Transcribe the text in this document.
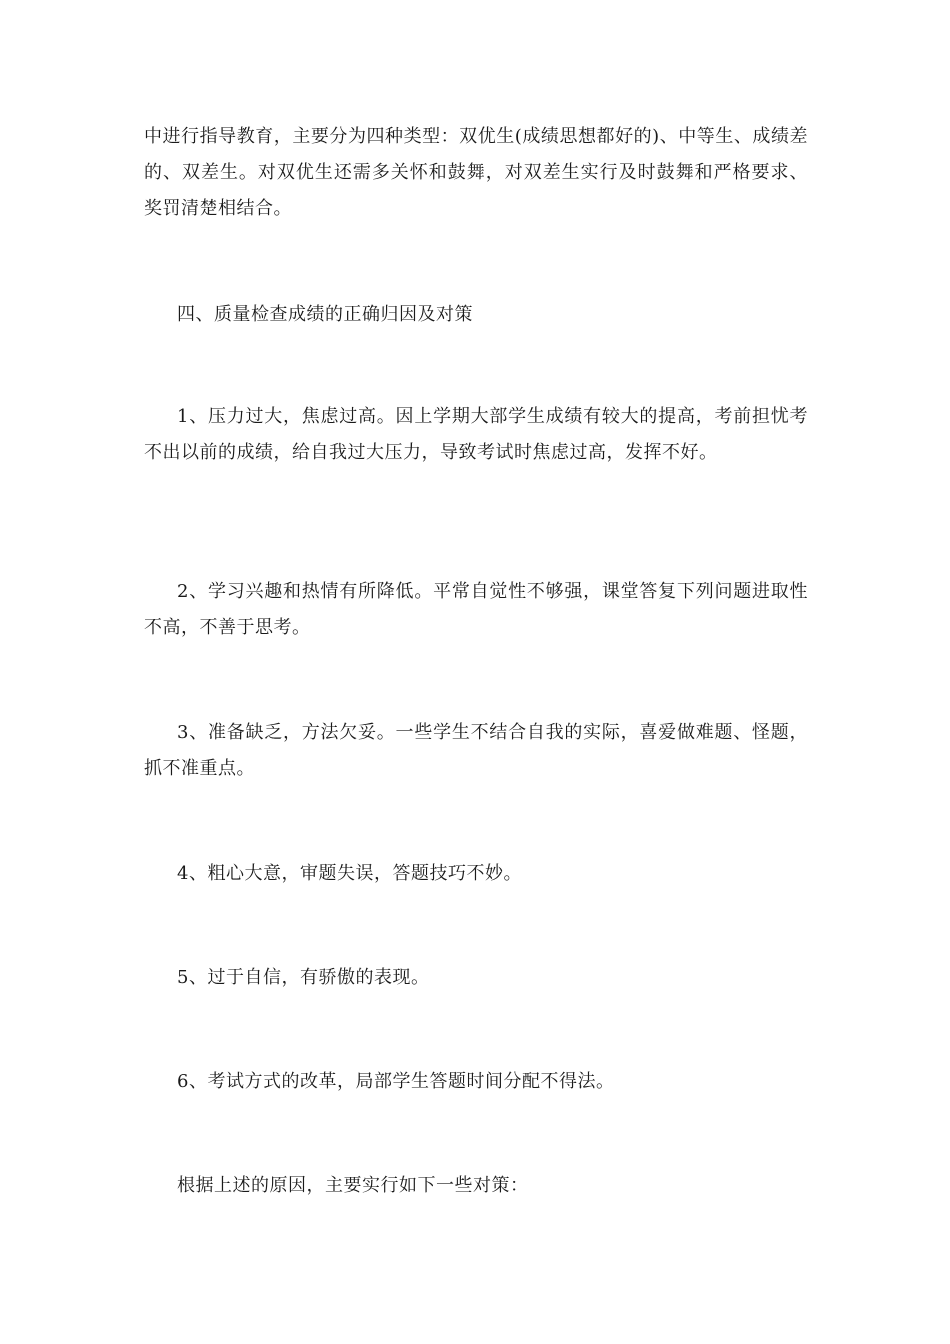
中进行指导教育，主要分为四种类型：双优生(成绩思想都好的)、中等生、成绩差的、双差生。对双优生还需多关怀和鼓舞，对双差生实行及时鼓舞和严格要求、奖罚清楚相结合。

四、质量检查成绩的正确归因及对策

1、压力过大，焦虑过高。因上学期大部学生成绩有较大的提高，考前担忧考不出以前的成绩，给自我过大压力，导致考试时焦虑过高，发挥不好。

2、学习兴趣和热情有所降低。平常自觉性不够强，课堂答复下列问题进取性不高，不善于思考。

3、准备缺乏，方法欠妥。一些学生不结合自我的实际，喜爱做难题、怪题，抓不准重点。

4、粗心大意，审题失误，答题技巧不妙。

5、过于自信，有骄傲的表现。

6、考试方式的改革，局部学生答题时间分配不得法。

根据上述的原因，主要实行如下一些对策：
